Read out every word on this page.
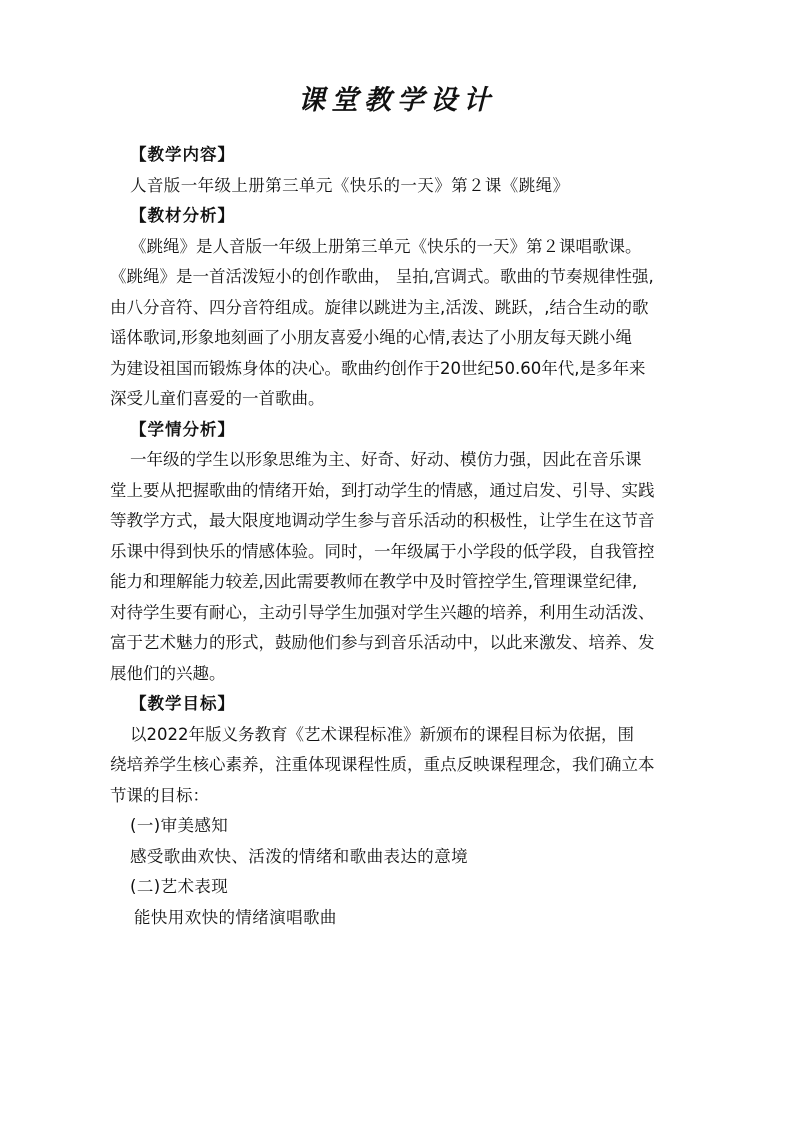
课堂教学设计
【教学内容】
人音版一年级上册第三单元《快乐的一天》第２课《跳绳》
【教材分析】
《跳绳》是人音版一年级上册第三单元《快乐的一天》第２课唱歌课。
《跳绳》是一首活泼短小的创作歌曲， 呈拍,宫调式。歌曲的节奏规律性强,
由八分音符、四分音符组成。旋律以跳进为主,活泼、跳跃，,结合生动的歌
谣体歌词,形象地刻画了小朋友喜爱小绳的心情,表达了小朋友每天跳小绳
为建设祖国而锻炼身体的决心。歌曲约创作于20世纪50.60年代,是多年来
深受儿童们喜爱的一首歌曲。
【学情分析】
一年级的学生以形象思维为主、好奇、好动、模仿力强，因此在音乐课
堂上要从把握歌曲的情绪开始，到打动学生的情感，通过启发、引导、实践
等教学方式，最大限度地调动学生参与音乐活动的积极性，让学生在这节音
乐课中得到快乐的情感体验。同时，一年级属于小学段的低学段，自我管控
能力和理解能力较差,因此需要教师在教学中及时管控学生,管理课堂纪律,
对待学生要有耐心，主动引导学生加强对学生兴趣的培养，利用生动活泼、
富于艺术魅力的形式，鼓励他们参与到音乐活动中，以此来激发、培养、发
展他们的兴趣。
【教学目标】
以2022年版义务教育《艺术课程标准》新颁布的课程目标为依据，围
绕培养学生核心素养，注重体现课程性质，重点反映课程理念，我们确立本
节课的目标：
(一)审美感知
感受歌曲欢快、活泼的情绪和歌曲表达的意境
(二)艺术表现
能快用欢快的情绪演唱歌曲
